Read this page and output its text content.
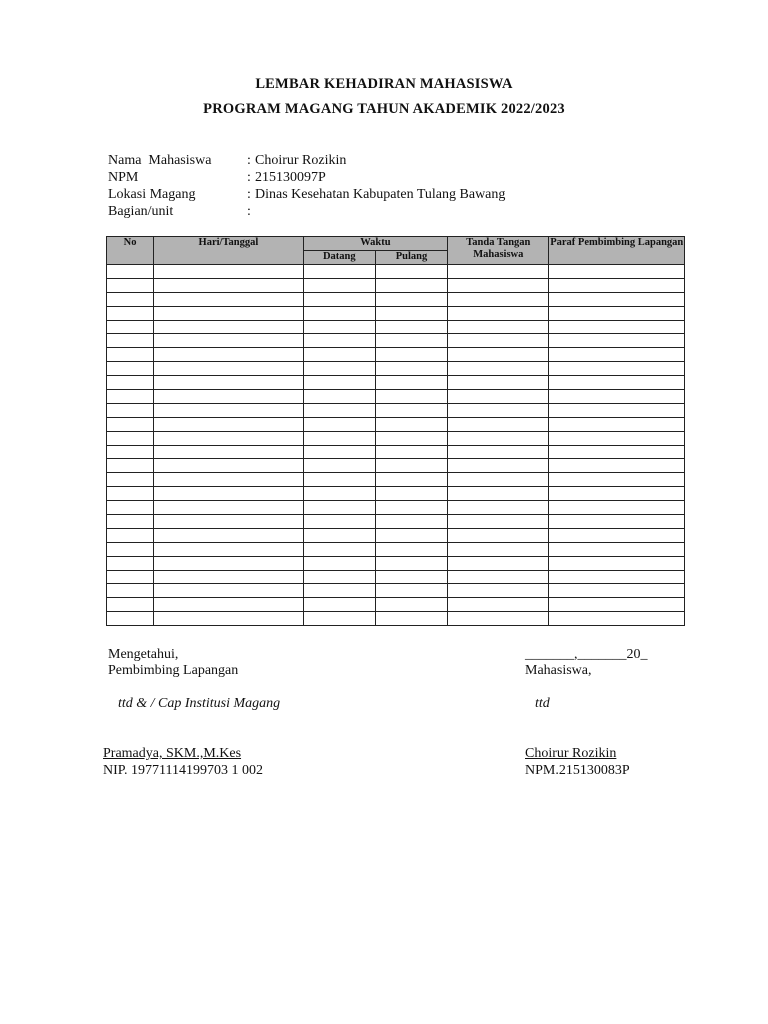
LEMBAR KEHADIRAN MAHASISWA
PROGRAM MAGANG TAHUN AKADEMIK 2022/2023
Nama  Mahasiswa	: Choirur Rozikin
NPM	: 215130097P
Lokasi Magang	: Dinas Kesehatan Kabupaten Tulang Bawang
Bagian/unit	:
No	Hari/Tanggal	Waktu		Tanda Tangan Mahasiswa	Paraf Pembimbing Lapangan
		Datang	Pulang		

Mengetahui,
Pembimbing Lapangan
ttd & / Cap Institusi Magang
Pramadya, SKM.,M.Kes
NIP. 19771114199703 1 002
_______,_______20_
Mahasiswa,
ttd
Choirur Rozikin
NPM.215130083P
